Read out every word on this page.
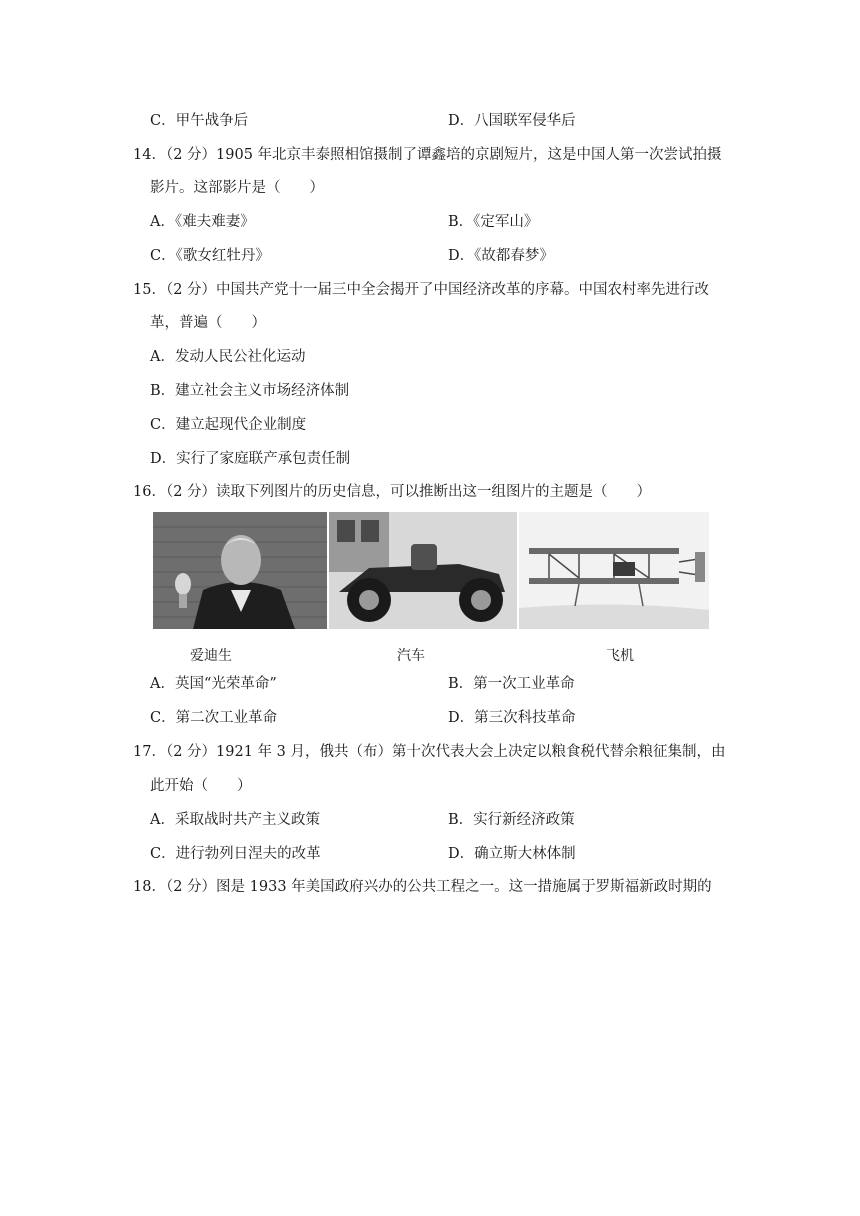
C．甲午战争后	D．八国联军侵华后
14．（2 分）1905 年北京丰泰照相馆摄制了谭鑫培的京剧短片，这是中国人第一次尝试拍摄
影片。这部影片是（　　）
A．《难夫难妻》	B．《定军山》
C．《歌女红牡丹》	D．《故都春梦》
15．（2 分）中国共产党十一届三中全会揭开了中国经济改革的序幕。中国农村率先进行改
革，普遍（　　）
A．发动人民公社化运动
B．建立社会主义市场经济体制
C．建立起现代企业制度
D．实行了家庭联产承包责任制
16．（2 分）读取下列图片的历史信息，可以推断出这一组图片的主题是（　　）
爱迪生	汽车	飞机
A．英国“光荣革命”	B．第一次工业革命
C．第二次工业革命	D．第三次科技革命
17．（2 分）1921 年 3 月，俄共（布）第十次代表大会上决定以粮食税代替余粮征集制，由
此开始（　　）
A．采取战时共产主义政策	B．实行新经济政策
C．进行勃列日涅夫的改革	D．确立斯大林体制
18．（2 分）图是 1933 年美国政府兴办的公共工程之一。这一措施属于罗斯福新政时期的
